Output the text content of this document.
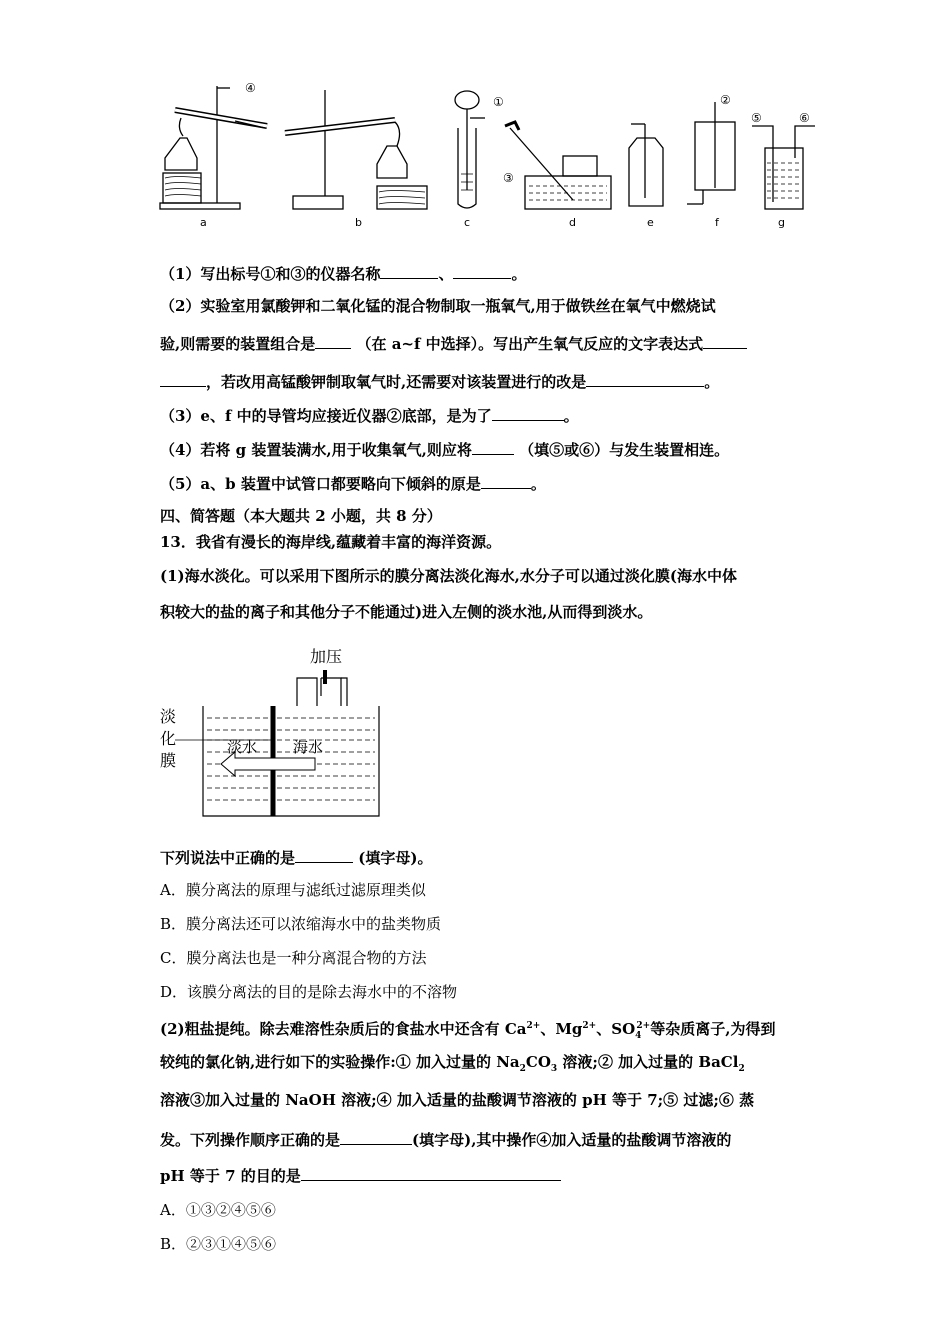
④
①
③
②
⑤	⑥
a	b	c	d	e	f	g
（1）写出标号①和③的仪器名称	、	。
（2）实验室用氯酸钾和二氧化锰的混合物制取一瓶氧气,用于做铁丝在氧气中燃烧试
验,则需要的装置组合是	（在 a~f 中选择）。写出产生氧气反应的文字表达式
，若改用高锰酸钾制取氧气时,还需要对该装置进行的改是	。
（3）e、f 中的导管均应接近仪器②底部，是为了	。
（4）若将 g 装置装满水,用于收集氧气,则应将	（填⑤或⑥）与发生装置相连。
（5）a、b 装置中试管口都要略向下倾斜的原是	。
四、简答题（本大题共 2 小题，共 8 分）
13．我省有漫长的海岸线,蕴藏着丰富的海洋资源。
(1)海水淡化。可以采用下图所示的膜分离法淡化海水,水分子可以通过淡化膜(海水中体
积较大的盐的离子和其他分子不能通过)进入左侧的淡水池,从而得到淡水。
加压
淡
化
膜
淡水 海水
下列说法中正确的是	(填字母)。
A．膜分离法的原理与滤纸过滤原理类似
B．膜分离法还可以浓缩海水中的盐类物质
C．膜分离法也是一种分离混合物的方法
D．该膜分离法的目的是除去海水中的不溶物
(2)粗盐提纯。除去难溶性杂质后的食盐水中还含有 $Ca^{2+}$、$Mg^{2+}$、$SO_4^{2+}$等杂质离子,为得到
较纯的氯化钠,进行如下的实验操作:① 加入过量的 $Na_2CO_3$ 溶液;② 加入过量的 BaCl$_2$
溶液③加入过量的 NaOH 溶液;④ 加入适量的盐酸调节溶液的 pH 等于 7;⑤ 过滤;⑥ 蒸
发。下列操作顺序正确的是	(填字母),其中操作④加入适量的盐酸调节溶液的
pH 等于 7 的目的是
A．①③②④⑤⑥
B．②③①④⑤⑥
